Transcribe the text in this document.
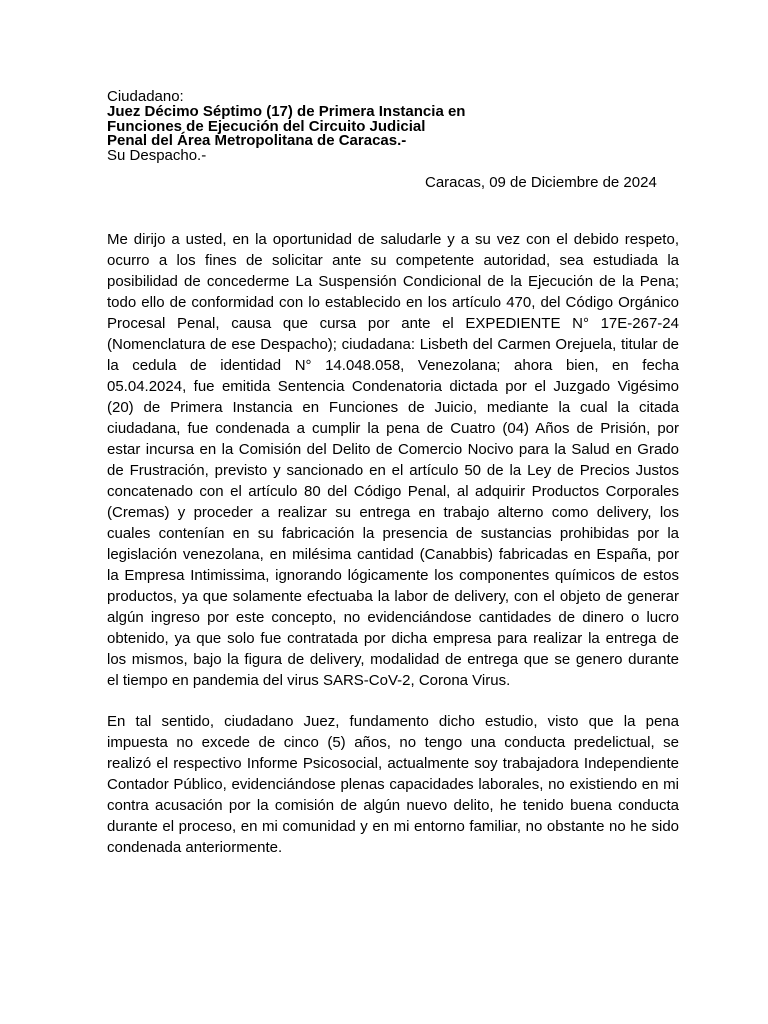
Ciudadano:
Juez Décimo Séptimo (17) de Primera Instancia en
Funciones de Ejecución del Circuito Judicial
Penal del Área Metropolitana de Caracas.-
Su Despacho.-
Caracas, 09 de Diciembre de 2024
Me dirijo a usted, en la oportunidad de saludarle y a su vez con el debido respeto,
ocurro a los fines de solicitar ante su competente autoridad, sea estudiada la
posibilidad de concederme La Suspensión Condicional de la Ejecución de la Pena;
todo ello de conformidad con lo establecido en los artículo 470, del Código Orgánico
Procesal Penal, causa que cursa por ante el EXPEDIENTE N° 17E-267-24
(Nomenclatura de ese Despacho); ciudadana: Lisbeth del Carmen Orejuela, titular de
la cedula de identidad N° 14.048.058, Venezolana; ahora bien, en fecha
05.04.2024, fue emitida Sentencia Condenatoria dictada por el Juzgado Vigésimo
(20) de Primera Instancia en Funciones de Juicio, mediante la cual la citada
ciudadana, fue condenada a cumplir la pena de Cuatro (04) Años de Prisión, por
estar incursa en la Comisión del Delito de Comercio Nocivo para la Salud en Grado
de Frustración, previsto y sancionado en el artículo 50 de la Ley de Precios Justos
concatenado con el artículo 80 del Código Penal, al adquirir Productos Corporales
(Cremas) y proceder a realizar su entrega en trabajo alterno como delivery, los
cuales contenían en su fabricación la presencia de sustancias prohibidas por la
legislación venezolana, en milésima cantidad (Canabbis) fabricadas en España, por
la Empresa Intimissima, ignorando lógicamente los componentes químicos de estos
productos, ya que solamente efectuaba la labor de delivery, con el objeto de generar
algún ingreso por este concepto, no evidenciándose cantidades de dinero o lucro
obtenido, ya que solo fue contratada por dicha empresa para realizar la entrega de
los mismos, bajo la figura de delivery, modalidad de entrega que se genero durante
el tiempo en pandemia del virus SARS-CoV-2, Corona Virus.
En tal sentido, ciudadano Juez, fundamento dicho estudio, visto que la pena
impuesta no excede de cinco (5) años, no tengo una conducta predelictual, se
realizó el respectivo Informe Psicosocial, actualmente soy trabajadora Independiente
Contador Público, evidenciándose plenas capacidades laborales, no existiendo en mi
contra acusación por la comisión de algún nuevo delito, he tenido buena conducta
durante el proceso, en mi comunidad y en mi entorno familiar, no obstante no he sido
condenada anteriormente.
